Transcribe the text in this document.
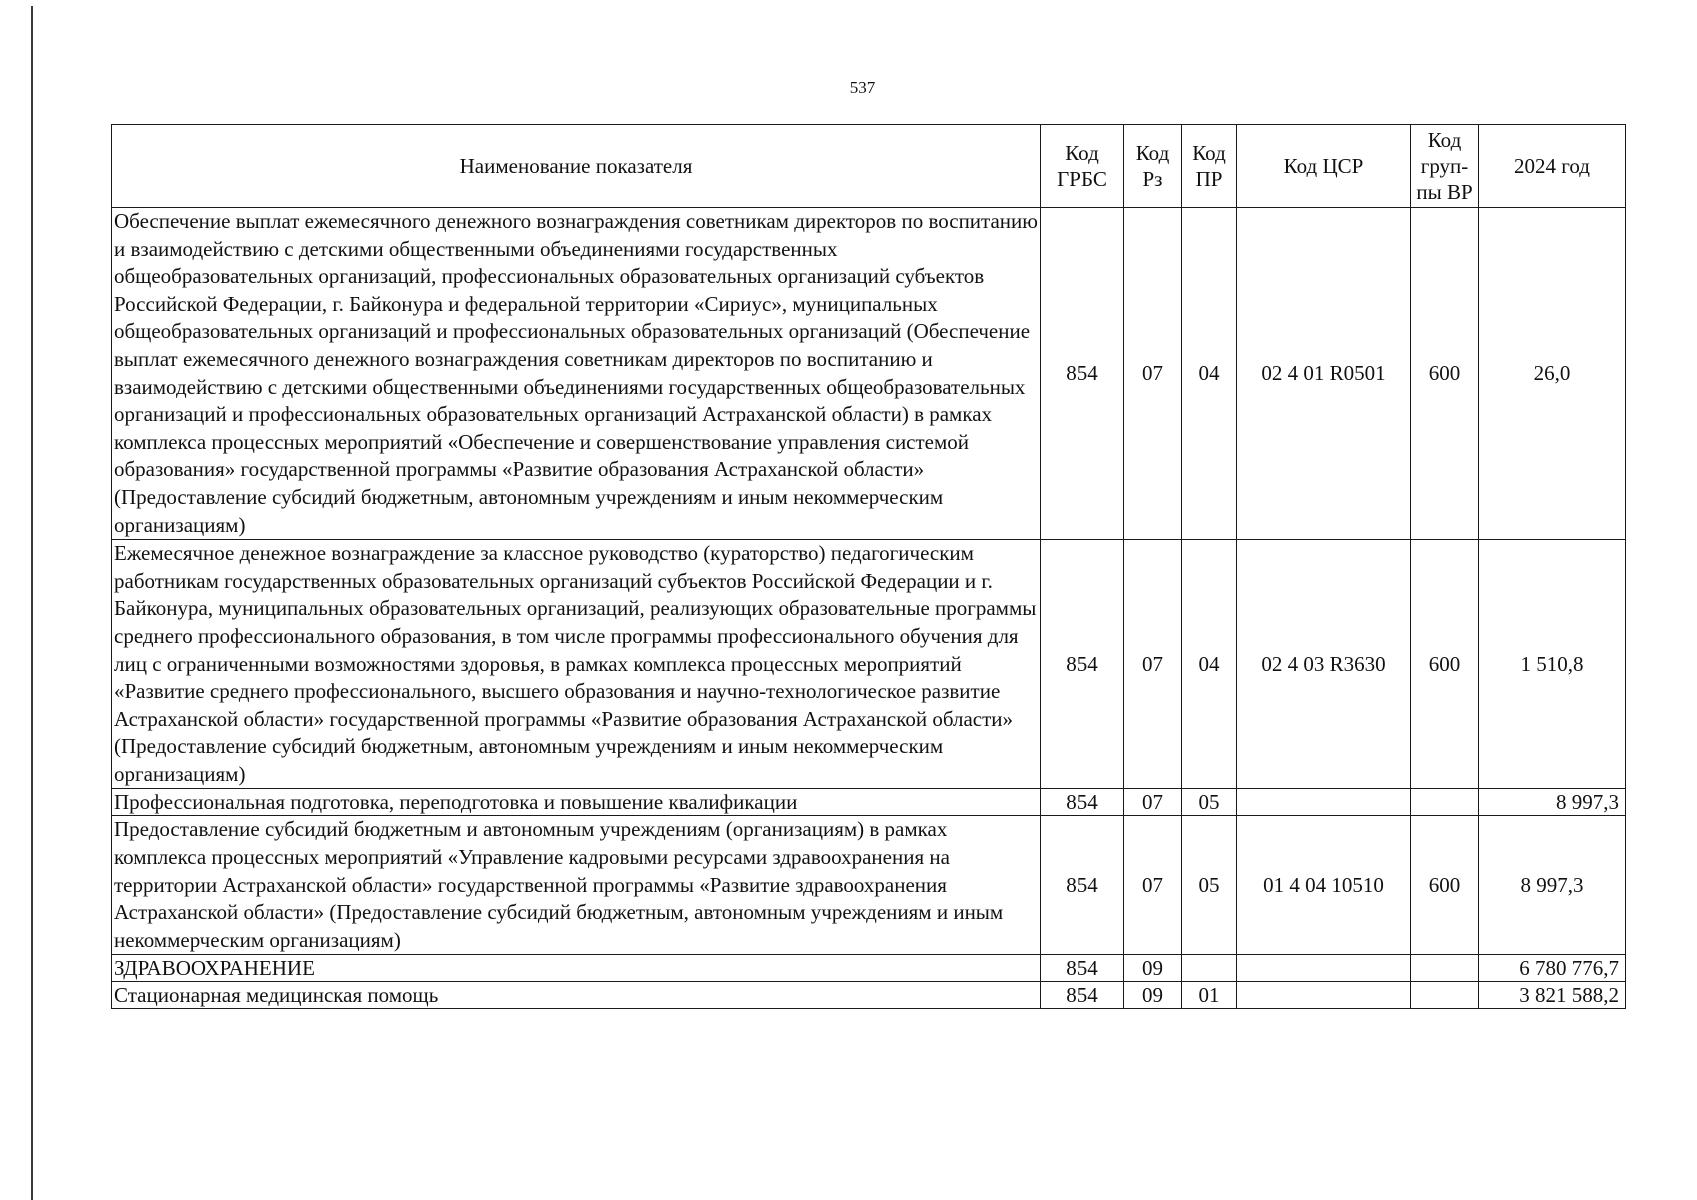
537
Наименование показателя	Код ГРБС	Код Рз	Код ПР	Код ЦСР	Код груп-пы ВР	2024 год
Обеспечение выплат ежемесячного денежного вознаграждения советникам директоров по воспитанию и взаимодействию с детскими общественными объединениями государственных общеобразовательных организаций, профессиональных образовательных организаций субъектов Российской Федерации, г. Байконура и федеральной территории «Сириус», муниципальных общеобразовательных организаций и профессиональных образовательных организаций (Обеспечение выплат ежемесячного денежного вознаграждения советникам директоров по воспитанию и взаимодействию с детскими общественными объединениями государственных общеобразовательных организаций и профессиональных образовательных организаций Астраханской области) в рамках комплекса процессных мероприятий «Обеспечение и совершенствование управления системой образования» государственной программы «Развитие образования Астраханской области» (Предоставление субсидий бюджетным, автономным учреждениям и иным некоммерческим организациям)	854	07	04	02 4 01 R0501	600	26,0
Ежемесячное денежное вознаграждение за классное руководство (кураторство) педагогическим работникам государственных образовательных организаций субъектов Российской Федерации и г. Байконура, муниципальных образовательных организаций, реализующих образовательные программы среднего профессионального образования, в том числе программы профессионального обучения для лиц с ограниченными возможностями здоровья, в рамках комплекса процессных мероприятий «Развитие среднего профессионального, высшего образования и научно-технологическое развитие Астраханской области» государственной программы «Развитие образования Астраханской области» (Предоставление субсидий бюджетным, автономным учреждениям и иным некоммерческим организациям)	854	07	04	02 4 03 R3630	600	1 510,8
Профессиональная подготовка, переподготовка и повышение квалификации	854	07	05			8 997,3
Предоставление субсидий бюджетным и автономным учреждениям (организациям) в рамках комплекса процессных мероприятий «Управление кадровыми ресурсами здравоохранения на территории Астраханской области» государственной программы «Развитие здравоохранения Астраханской области» (Предоставление субсидий бюджетным, автономным учреждениям и иным некоммерческим организациям)	854	07	05	01 4 04 10510	600	8 997,3
ЗДРАВООХРАНЕНИЕ	854	09				6 780 776,7
Стационарная медицинская помощь	854	09	01			3 821 588,2
